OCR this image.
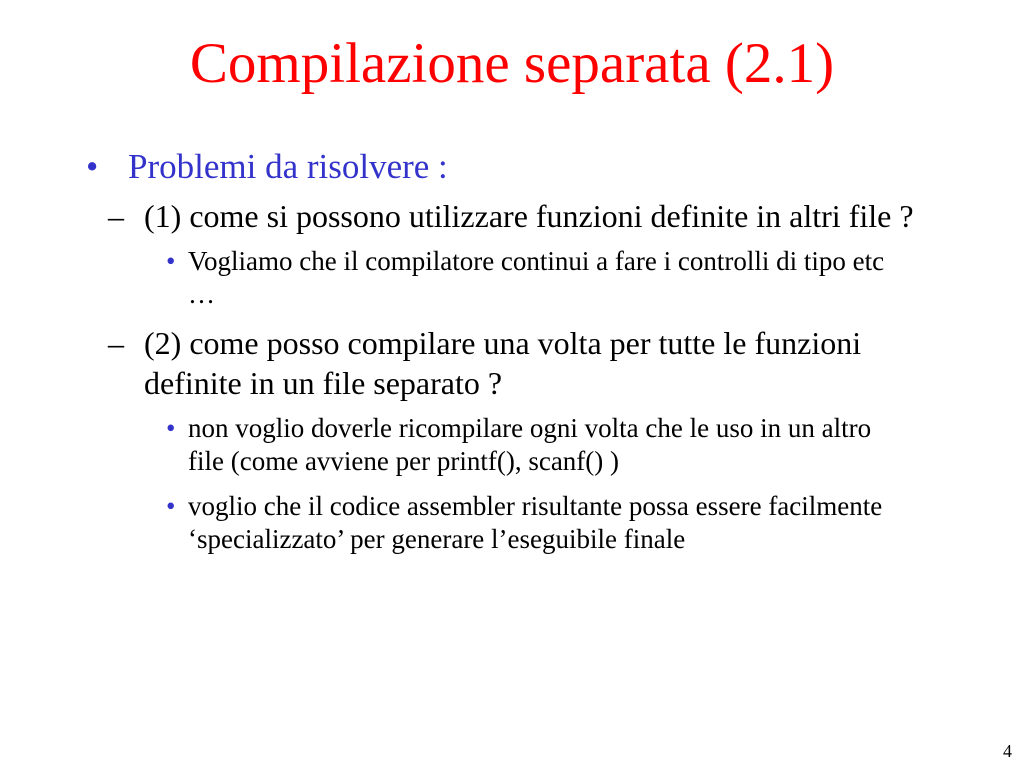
Compilazione separata (2.1)
• Problemi da risolvere :
– (1) come si possono utilizzare funzioni definite in altri file ?
• Vogliamo che il compilatore continui a fare i controlli di tipo etc …
– (2) come posso compilare una volta per tutte le funzioni definite in un file separato ?
• non voglio doverle ricompilare ogni volta che le uso in un altro file (come avviene per printf(), scanf() )
• voglio che il codice assembler risultante possa essere facilmente ‘specializzato’ per generare l’eseguibile finale
4
